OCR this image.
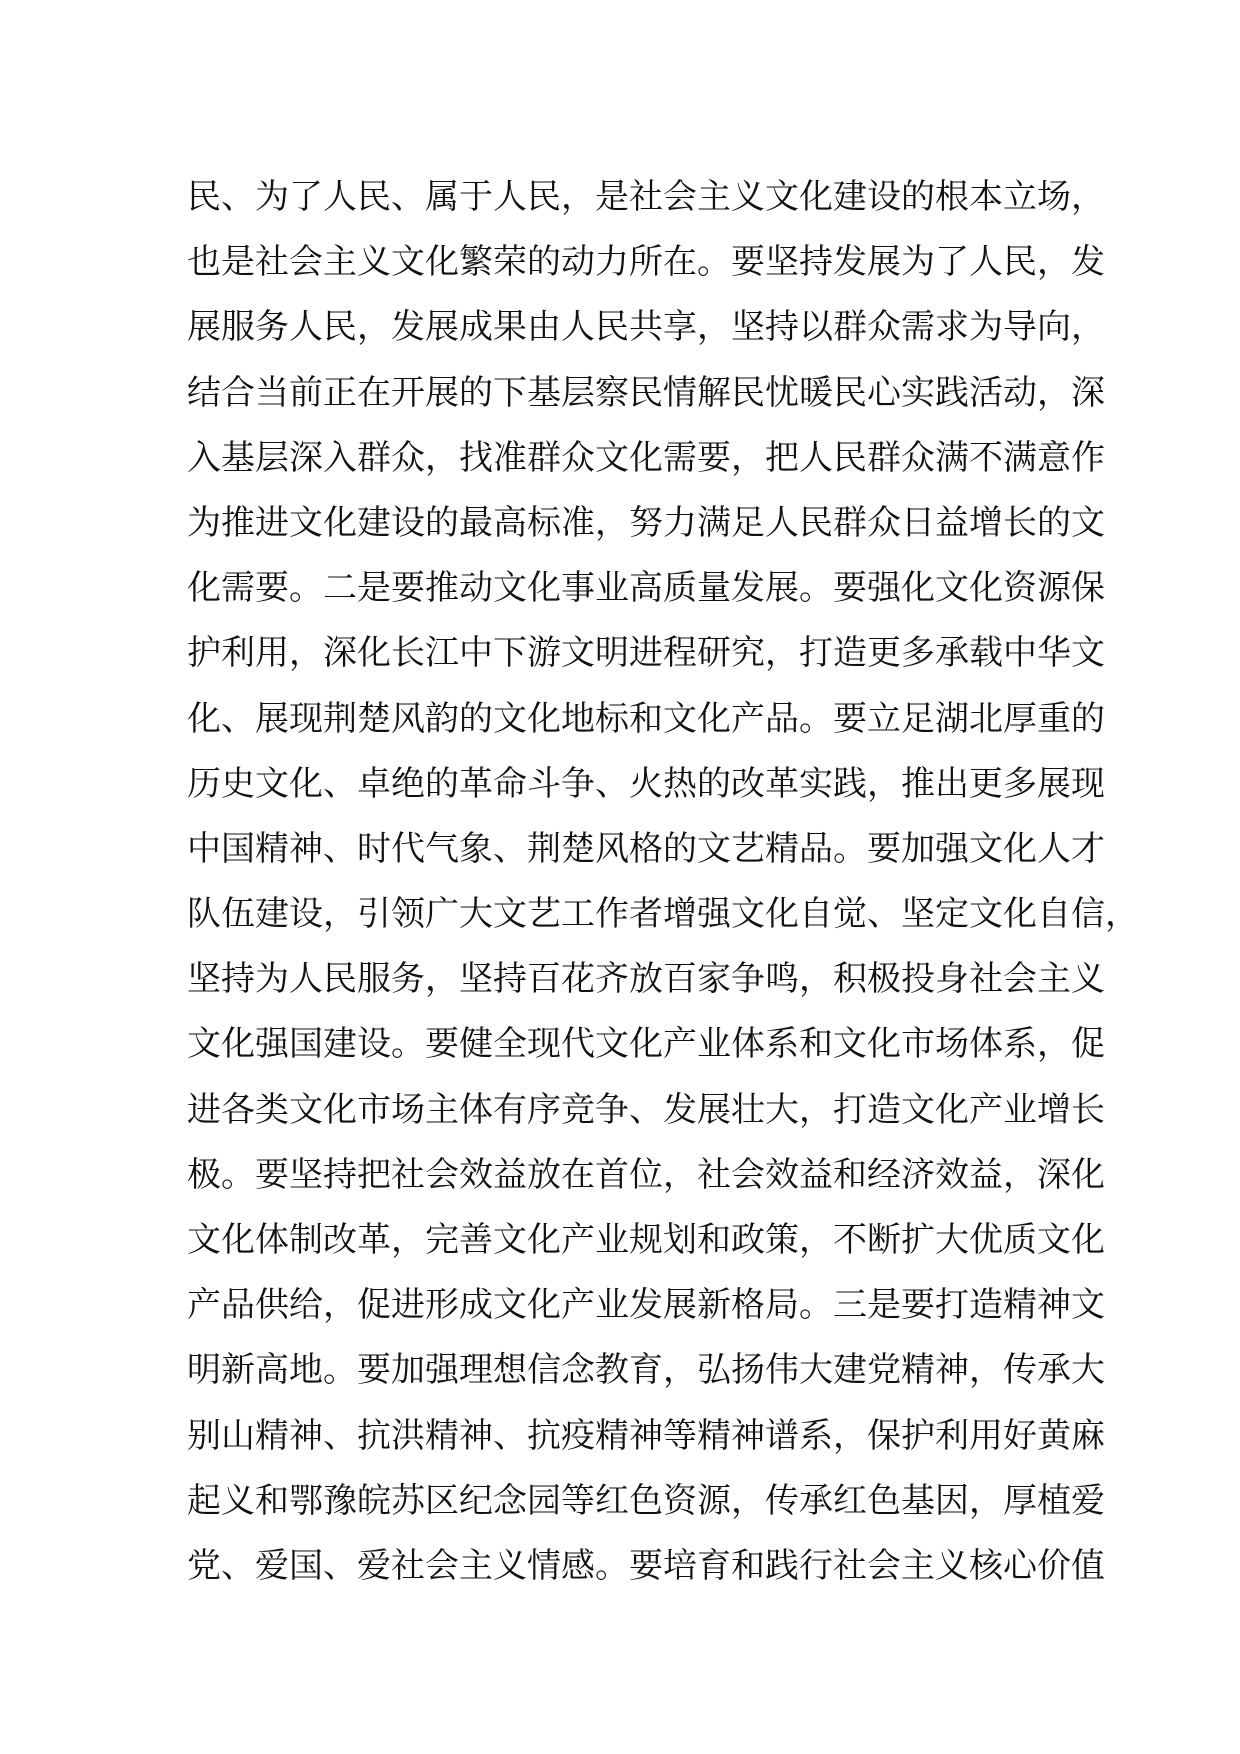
民、为了人民、属于人民，是社会主义文化建设的根本立场，
也是社会主义文化繁荣的动力所在。要坚持发展为了人民，发
展服务人民，发展成果由人民共享，坚持以群众需求为导向，
结合当前正在开展的下基层察民情解民忧暖民心实践活动，深
入基层深入群众，找准群众文化需要，把人民群众满不满意作
为推进文化建设的最高标准，努力满足人民群众日益增长的文
化需要。二是要推动文化事业高质量发展。要强化文化资源保
护利用，深化长江中下游文明进程研究，打造更多承载中华文
化、展现荆楚风韵的文化地标和文化产品。要立足湖北厚重的
历史文化、卓绝的革命斗争、火热的改革实践，推出更多展现
中国精神、时代气象、荆楚风格的文艺精品。要加强文化人才
队伍建设，引领广大文艺工作者增强文化自觉、坚定文化自信，
坚持为人民服务，坚持百花齐放百家争鸣，积极投身社会主义
文化强国建设。要健全现代文化产业体系和文化市场体系，促
进各类文化市场主体有序竞争、发展壮大，打造文化产业增长
极。要坚持把社会效益放在首位，社会效益和经济效益，深化
文化体制改革，完善文化产业规划和政策，不断扩大优质文化
产品供给，促进形成文化产业发展新格局。三是要打造精神文
明新高地。要加强理想信念教育，弘扬伟大建党精神，传承大
别山精神、抗洪精神、抗疫精神等精神谱系，保护利用好黄麻
起义和鄂豫皖苏区纪念园等红色资源，传承红色基因，厚植爱
党、爱国、爱社会主义情感。要培育和践行社会主义核心价值
